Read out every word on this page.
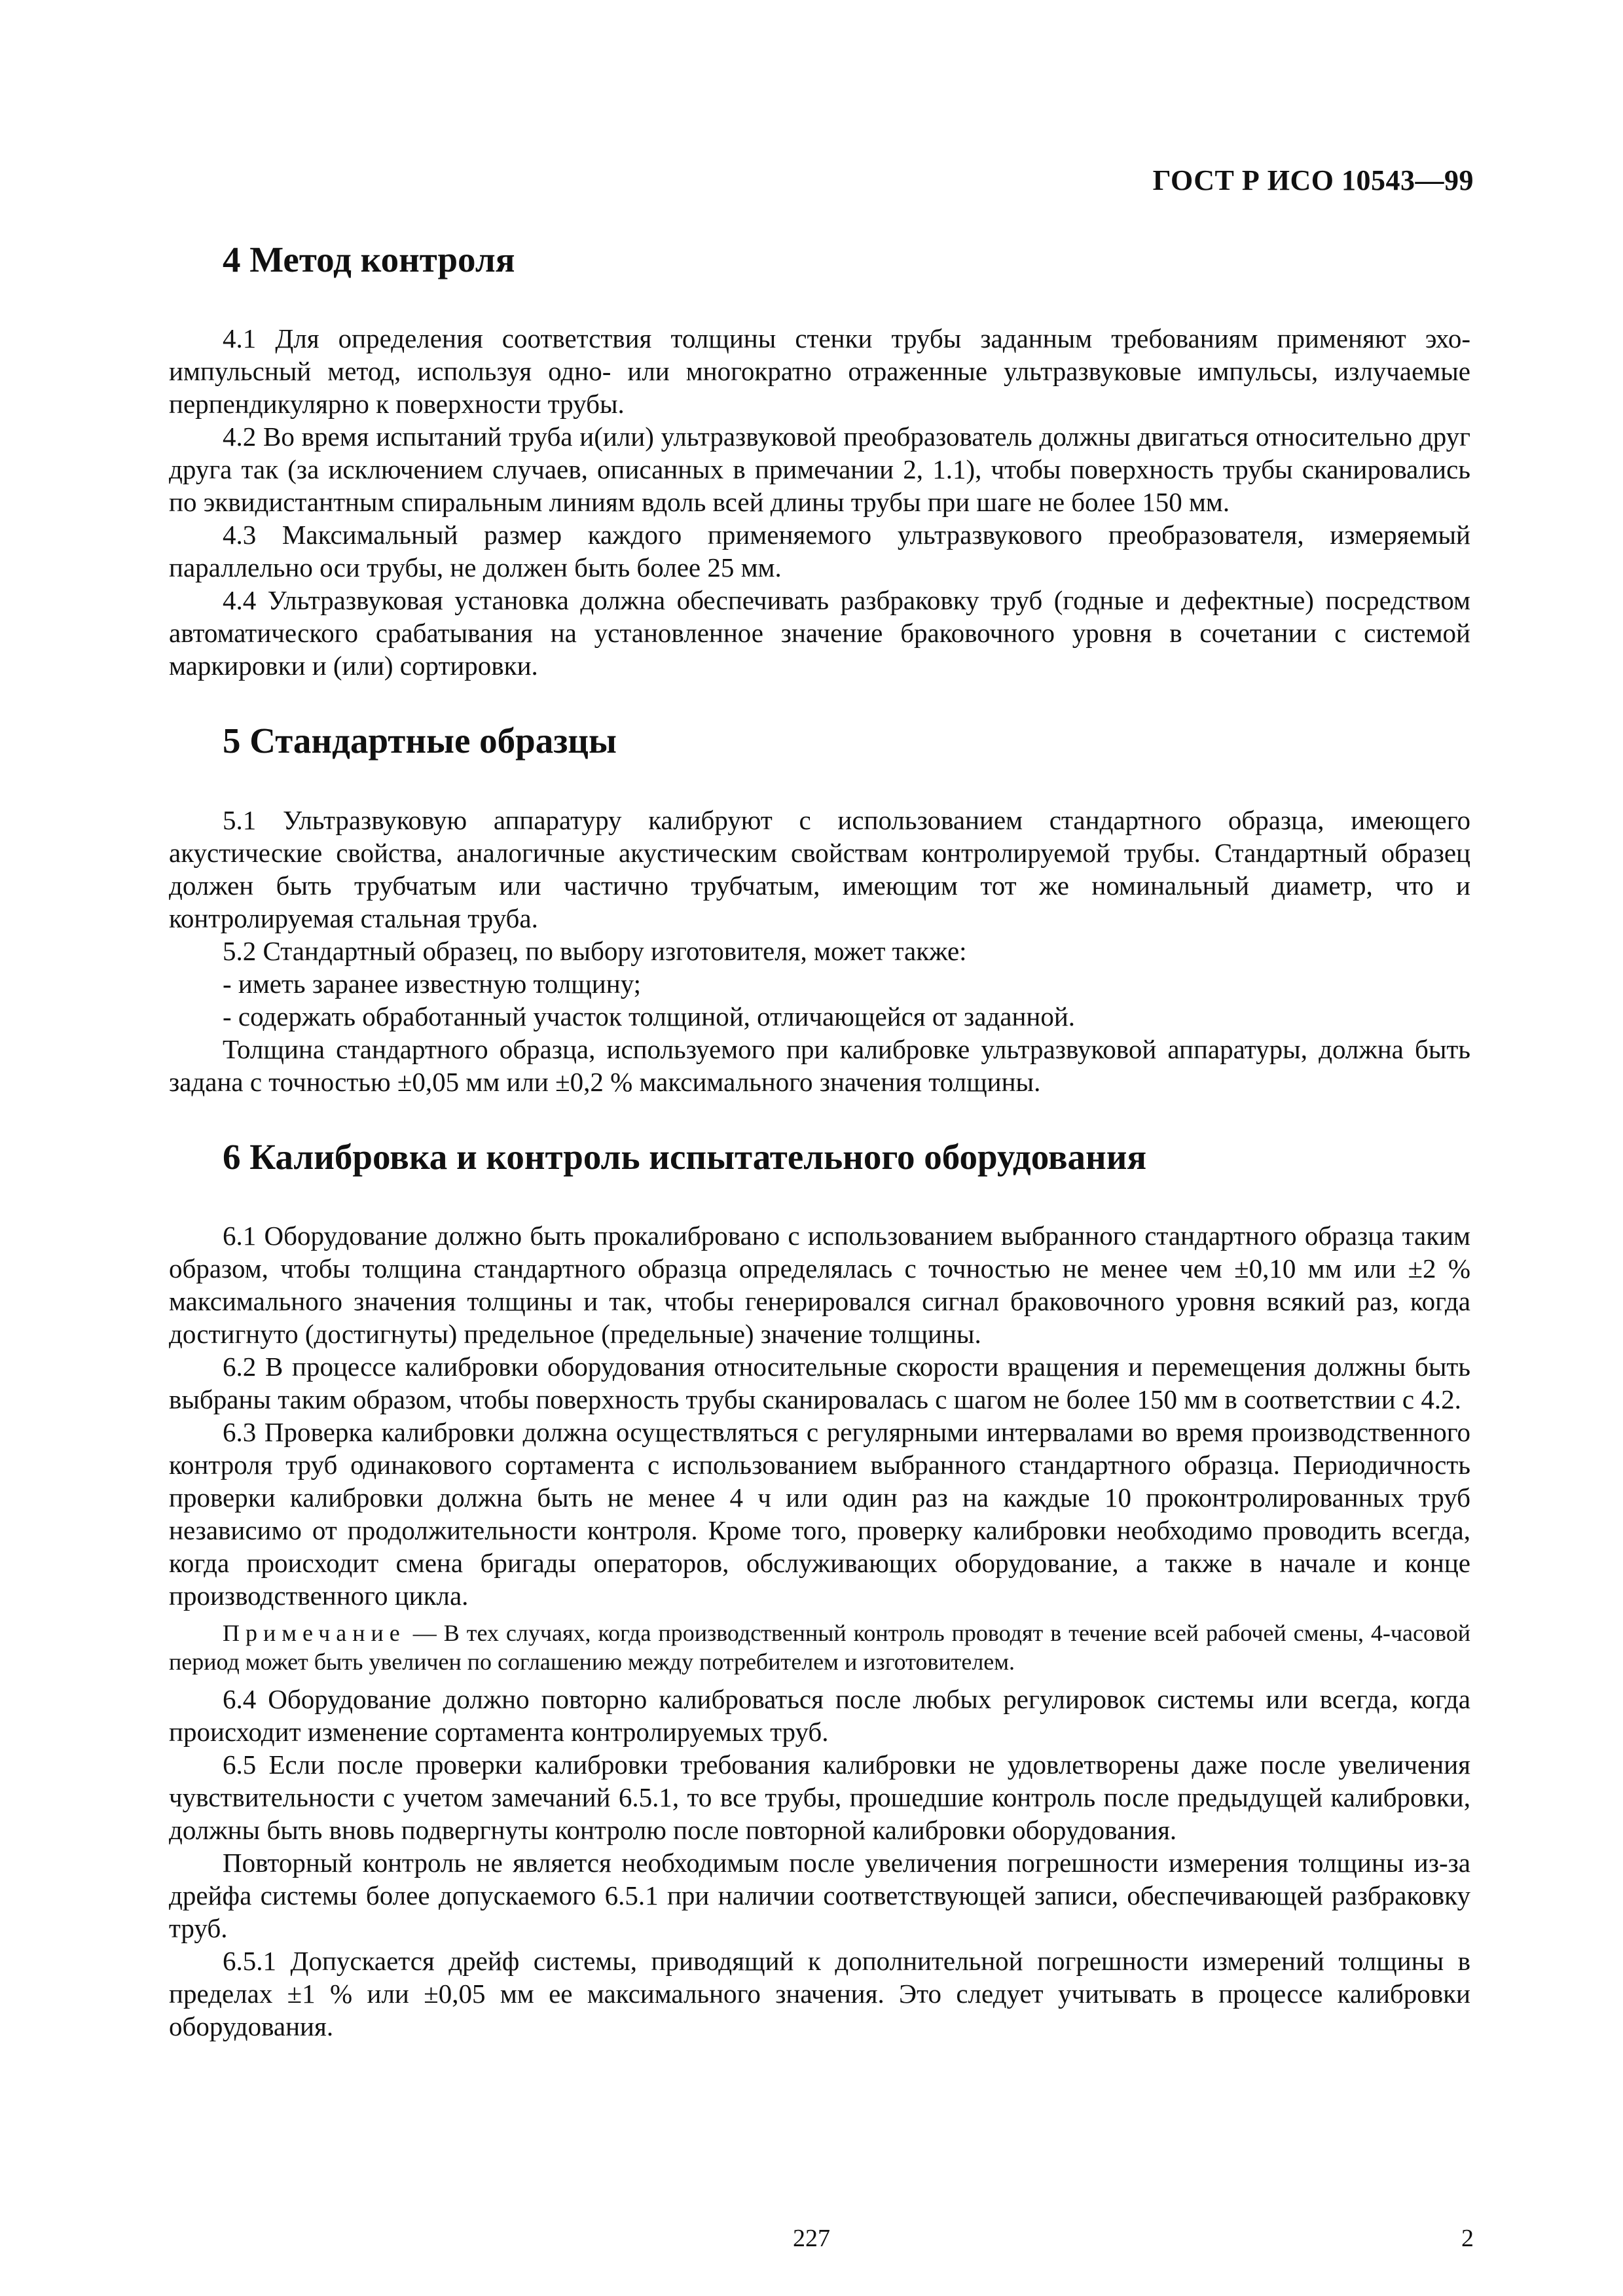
ГОСТ Р ИСО 10543—99
4 Метод контроля

4.1 Для определения соответствия толщины стенки трубы заданным требованиям применяют эхо-импульсный метод, используя одно- или многократно отраженные ультразвуковые импульсы, излучаемые перпендикулярно к поверхности трубы.

4.2 Во время испытаний труба и(или) ультразвуковой преобразователь должны двигаться относительно друг друга так (за исключением случаев, описанных в примечании 2, 1.1), чтобы поверхность трубы сканировались по эквидистантным спиральным линиям вдоль всей длины трубы при шаге не более 150 мм.

4.3 Максимальный размер каждого применяемого ультразвукового преобразователя, измеряемый параллельно оси трубы, не должен быть более 25 мм.

4.4 Ультразвуковая установка должна обеспечивать разбраковку труб (годные и дефектные) посредством автоматического срабатывания на установленное значение браковочного уровня в сочетании с системой маркировки и (или) сортировки.

5 Стандартные образцы

5.1 Ультразвуковую аппаратуру калибруют с использованием стандартного образца, имеющего акустические свойства, аналогичные акустическим свойствам контролируемой трубы. Стандартный образец должен быть трубчатым или частично трубчатым, имеющим тот же номинальный диаметр, что и контролируемая стальная труба.

5.2 Стандартный образец, по выбору изготовителя, может также:

- иметь заранее известную толщину;

- содержать обработанный участок толщиной, отличающейся от заданной.

Толщина стандартного образца, используемого при калибровке ультразвуковой аппаратуры, должна быть задана с точностью ±0,05 мм или ±0,2 % максимального значения толщины.

6 Калибровка и контроль испытательного оборудования

6.1 Оборудование должно быть прокалибровано с использованием выбранного стандартного образца таким образом, чтобы толщина стандартного образца определялась с точностью не менее чем ±0,10 мм или ±2 % максимального значения толщины и так, чтобы генерировался сигнал браковочного уровня всякий раз, когда достигнуто (достигнуты) предельное (предельные) значение толщины.

6.2 В процессе калибровки оборудования относительные скорости вращения и перемещения должны быть выбраны таким образом, чтобы поверхность трубы сканировалась с шагом не более 150 мм в соответствии с 4.2.

6.3 Проверка калибровки должна осуществляться с регулярными интервалами во время производственного контроля труб одинакового сортамента с использованием выбранного стандартного образца. Периодичность проверки калибровки должна быть не менее 4 ч или один раз на каждые 10 проконтролированных труб независимо от продолжительности контроля. Кроме того, проверку калибровки необходимо проводить всегда, когда происходит смена бригады операторов, обслуживающих оборудование, а также в начале и конце производственного цикла.

Примечание — В тех случаях, когда производственный контроль проводят в течение всей рабочей смены, 4-часовой период может быть увеличен по соглашению между потребителем и изготовителем.

6.4 Оборудование должно повторно калиброваться после любых регулировок системы или всегда, когда происходит изменение сортамента контролируемых труб.

6.5 Если после проверки калибровки требования калибровки не удовлетворены даже после увеличения чувствительности с учетом замечаний 6.5.1, то все трубы, прошедшие контроль после предыдущей калибровки, должны быть вновь подвергнуты контролю после повторной калибровки оборудования.

Повторный контроль не является необходимым после увеличения погрешности измерения толщины из-за дрейфа системы более допускаемого 6.5.1 при наличии соответствующей записи, обеспечивающей разбраковку труб.

6.5.1 Допускается дрейф системы, приводящий к дополнительной погрешности измерений толщины в пределах ±1 % или ±0,05 мм ее максимального значения. Это следует учитывать в процессе калибровки оборудования.

227	2
